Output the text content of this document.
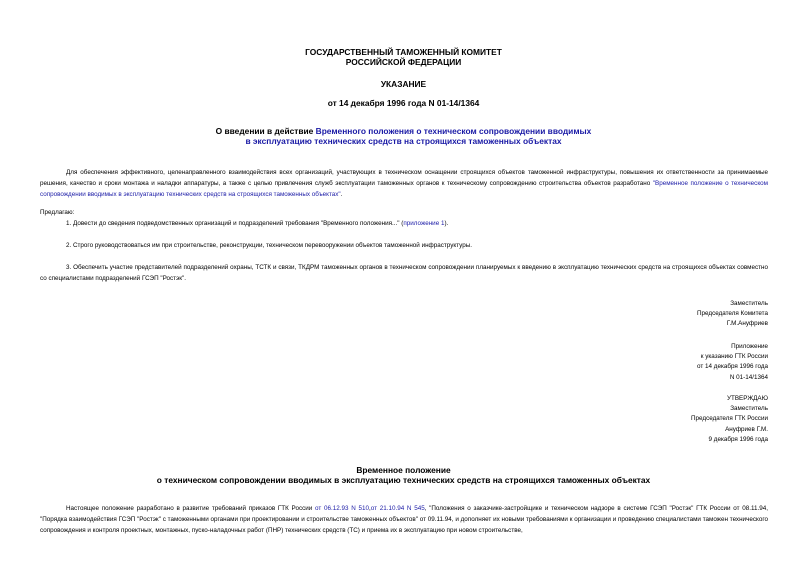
ГОСУДАРСТВЕННЫЙ ТАМОЖЕННЫЙ КОМИТЕТ
РОССИЙСКОЙ ФЕДЕРАЦИИ
УКАЗАНИЕ
от 14 декабря 1996 года N 01-14/1364
О введении в действие Временного положения о техническом сопровождении вводимых
в эксплуатацию технических средств на строящихся таможенных объектах
Для обеспечения эффективного, целенаправленного взаимодействия всех организаций, участвующих в техническом оснащении строящихся объектов таможенной инфраструктуры, повышения их ответственности за принимаемые решения, качество и сроки монтажа и наладки аппаратуры, а также с целью привлечения служб эксплуатации таможенных органов к техническому сопровождению строительства объектов разработано "Временное положение о техническом сопровождении вводимых в эксплуатацию технических средств на строящихся таможенных объектах".
Предлагаю:
1. Довести до сведения подведомственных организаций и подразделений требования "Временного положения..." (приложение 1).
2. Строго руководствоваться им при строительстве, реконструкции, техническом перевооружении объектов таможенной инфраструктуры.
3. Обеспечить участие представителей подразделений охраны, ТСТК и связи, ТКДРМ таможенных органов в техническом сопровождении планируемых к введению в эксплуатацию технических средств на строящихся объектах совместно со специалистами подразделений ГСЭП "Ростэк".
Заместитель
Председателя Комитета
Г.М.Ануфриев
Приложение
к указанию ГТК России
от 14 декабря 1996 года
N 01-14/1364
УТВЕРЖДАЮ
Заместитель
Председателя ГТК России
Ануфриев Г.М.
9 декабря 1996 года
Временное положение
о техническом сопровождении вводимых в эксплуатацию технических средств на строящихся таможенных объектах
Настоящее положение разработано в развитие требований приказов ГТК России от 06.12.93 N 510,от 21.10.94 N 545, "Положения о заказчике-застройщике и техническом надзоре в системе ГСЭП "Ростэк" ГТК России от 08.11.94, "Порядка взаимодействия ГСЭП "Ростэк" с таможенными органами при проектировании и строительстве таможенных объектов" от 09.11.94, и дополняет их новыми требованиями к организации и проведению специалистами таможен технического сопровождения и контроля проектных, монтажных, пуско-наладочных работ (ПНР) технических средств (ТС) и приема их в эксплуатацию при новом строительстве,
